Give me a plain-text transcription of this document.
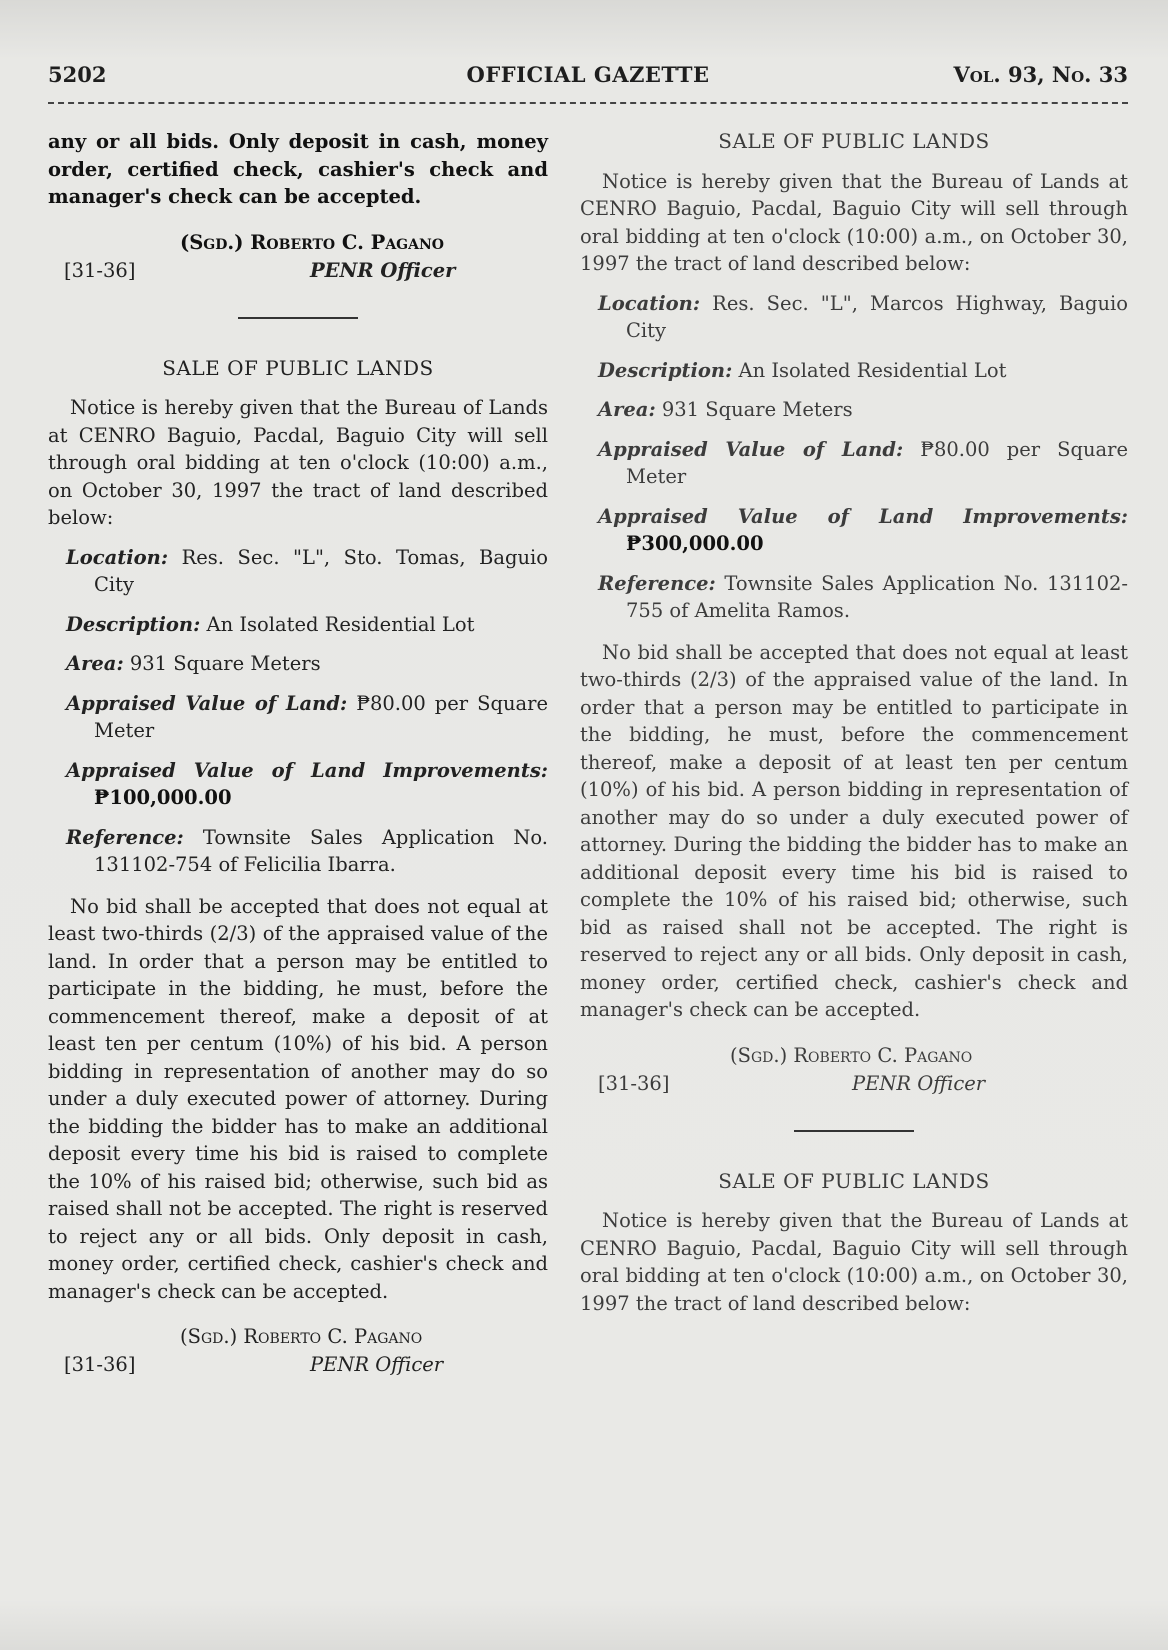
5202	OFFICIAL GAZETTE	Vol. 93, No. 33

any or all bids. Only deposit in cash, money order, certified check, cashier's check and manager's check can be accepted.

(Sgd.) Roberto C. Pagano
[31-36]	PENR Officer
SALE OF PUBLIC LANDS

Notice is hereby given that the Bureau of Lands at CENRO Baguio, Pacdal, Baguio City will sell through oral bidding at ten o'clock (10:00) a.m., on October 30, 1997 the tract of land described below:

Location: Res. Sec. "L", Sto. Tomas, Baguio City

Description: An Isolated Residential Lot

Area: 931 Square Meters

Appraised Value of Land: ₱80.00 per Square Meter

Appraised Value of Land Improvements: ₱100,000.00

Reference: Townsite Sales Application No. 131102-754 of Felicilia Ibarra.

No bid shall be accepted that does not equal at least two-thirds (2/3) of the appraised value of the land. In order that a person may be entitled to participate in the bidding, he must, before the commencement thereof, make a deposit of at least ten per centum (10%) of his bid. A person bidding in representation of another may do so under a duly executed power of attorney. During the bidding the bidder has to make an additional deposit every time his bid is raised to complete the 10% of his raised bid; otherwise, such bid as raised shall not be accepted. The right is reserved to reject any or all bids. Only deposit in cash, money order, certified check, cashier's check and manager's check can be accepted.

(Sgd.) Roberto C. Pagano
[31-36]	PENR Officer
SALE OF PUBLIC LANDS

Notice is hereby given that the Bureau of Lands at CENRO Baguio, Pacdal, Baguio City will sell through oral bidding at ten o'clock (10:00) a.m., on October 30, 1997 the tract of land described below:

Location: Res. Sec. "L", Marcos Highway, Baguio City

Description: An Isolated Residential Lot

Area: 931 Square Meters

Appraised Value of Land: ₱80.00 per Square Meter

Appraised Value of Land Improvements: ₱300,000.00

Reference: Townsite Sales Application No. 131102-755 of Amelita Ramos.

No bid shall be accepted that does not equal at least two-thirds (2/3) of the appraised value of the land. In order that a person may be entitled to participate in the bidding, he must, before the commencement thereof, make a deposit of at least ten per centum (10%) of his bid. A person bidding in representation of another may do so under a duly executed power of attorney. During the bidding the bidder has to make an additional deposit every time his bid is raised to complete the 10% of his raised bid; otherwise, such bid as raised shall not be accepted. The right is reserved to reject any or all bids. Only deposit in cash, money order, certified check, cashier's check and manager's check can be accepted.

(Sgd.) Roberto C. Pagano
[31-36]	PENR Officer
SALE OF PUBLIC LANDS

Notice is hereby given that the Bureau of Lands at CENRO Baguio, Pacdal, Baguio City will sell through oral bidding at ten o'clock (10:00) a.m., on October 30, 1997 the tract of land described below:
